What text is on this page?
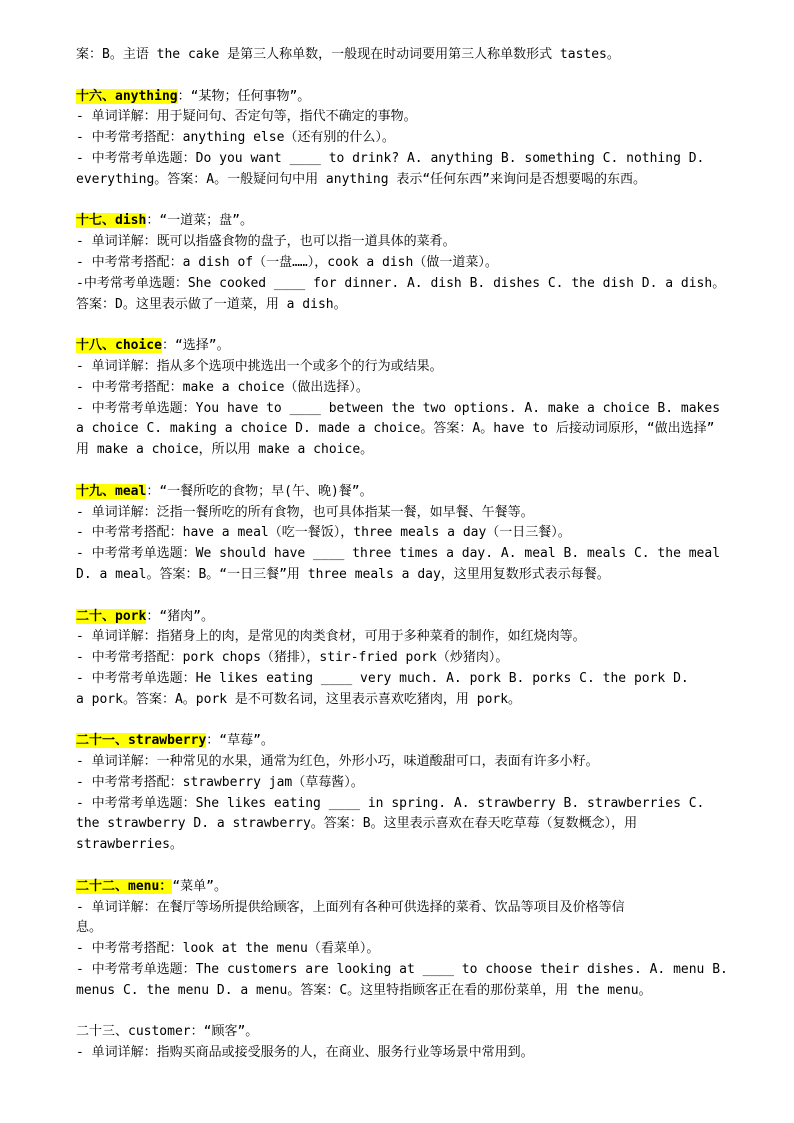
案：B。主语 the cake 是第三人称单数，一般现在时动词要用第三人称单数形式 tastes。
十六、anything：“某物；任何事物”。
- 单词详解：用于疑问句、否定句等，指代不确定的事物。
- 中考常考搭配：anything else（还有别的什么）。
- 中考常考单选题：Do you want ____ to drink? A. anything B. something C. nothing D.
everything。答案：A。一般疑问句中用 anything 表示“任何东西”来询问是否想要喝的东西。
十七、dish：“一道菜；盘”。
- 单词详解：既可以指盛食物的盘子，也可以指一道具体的菜肴。
- 中考常考搭配：a dish of（一盘……），cook a dish（做一道菜）。
-中考常考单选题：She cooked ____ for dinner. A. dish B. dishes C. the dish D. a dish。
答案：D。这里表示做了一道菜，用 a dish。
十八、choice：“选择”。
- 单词详解：指从多个选项中挑选出一个或多个的行为或结果。
- 中考常考搭配：make a choice（做出选择）。
- 中考常考单选题：You have to ____ between the two options. A. make a choice B. makes
a choice C. making a choice D. made a choice。答案：A。have to 后接动词原形，“做出选择”
用 make a choice，所以用 make a choice。
十九、meal：“一餐所吃的食物；早(午、晚)餐”。
- 单词详解：泛指一餐所吃的所有食物，也可具体指某一餐，如早餐、午餐等。
- 中考常考搭配：have a meal（吃一餐饭），three meals a day（一日三餐）。
- 中考常考单选题：We should have ____ three times a day. A. meal B. meals C. the meal
D. a meal。答案：B。“一日三餐”用 three meals a day，这里用复数形式表示每餐。
二十、pork：“猪肉”。
- 单词详解：指猪身上的肉，是常见的肉类食材，可用于多种菜肴的制作，如红烧肉等。
- 中考常考搭配：pork chops（猪排），stir-fried pork（炒猪肉）。
- 中考常考单选题：He likes eating ____ very much. A. pork B. porks C. the pork D.
a pork。答案：A。pork 是不可数名词，这里表示喜欢吃猪肉，用 pork。
二十一、strawberry：“草莓”。
- 单词详解：一种常见的水果，通常为红色，外形小巧，味道酸甜可口，表面有许多小籽。
- 中考常考搭配：strawberry jam（草莓酱）。
- 中考常考单选题：She likes eating ____ in spring. A. strawberry B. strawberries C.
the strawberry D. a strawberry。答案：B。这里表示喜欢在春天吃草莓（复数概念），用
strawberries。
二十二、menu：“菜单”。
- 单词详解：在餐厅等场所提供给顾客，上面列有各种可供选择的菜肴、饮品等项目及价格等信
息。
- 中考常考搭配：look at the menu（看菜单）。
- 中考常考单选题：The customers are looking at ____ to choose their dishes. A. menu B.
menus C. the menu D. a menu。答案：C。这里特指顾客正在看的那份菜单，用 the menu。
二十三、customer：“顾客”。
- 单词详解：指购买商品或接受服务的人，在商业、服务行业等场景中常用到。
